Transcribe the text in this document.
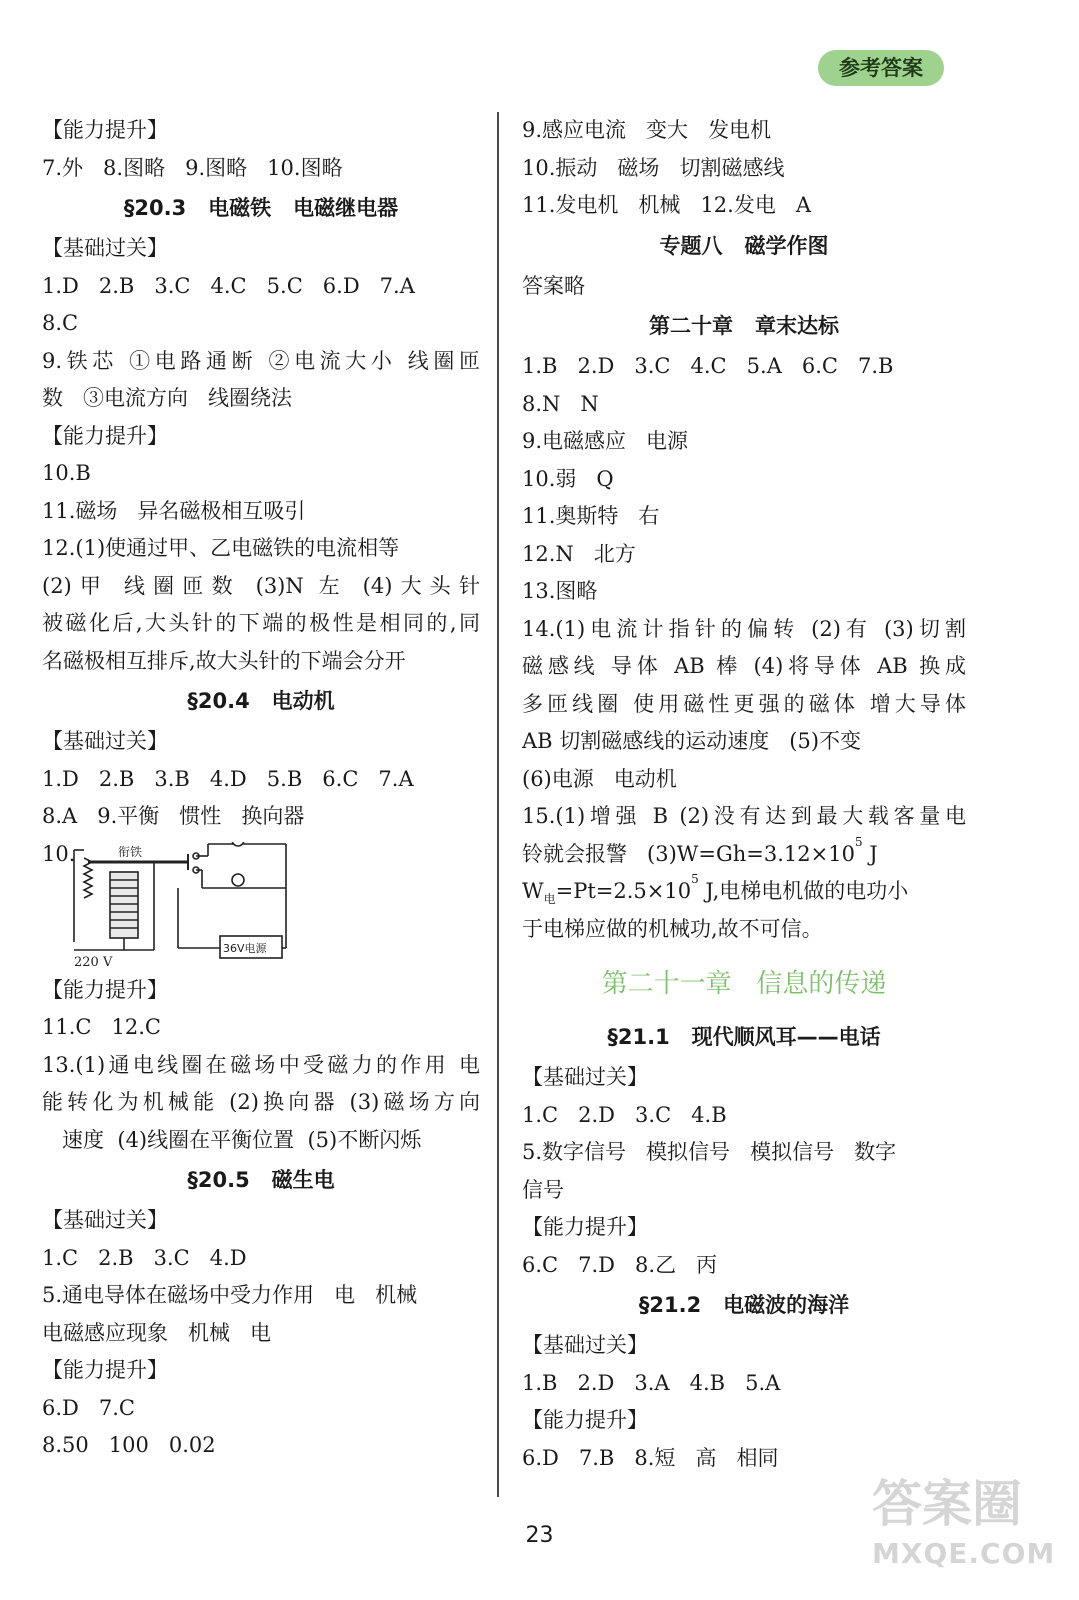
参考答案
【能力提升】
7.外   8.图略   9.图略   10.图略
§20.3   电磁铁   电磁继电器
【基础过关】
1.D   2.B   3.C   4.C   5.C   6.D   7.A
8.C
9.铁芯 ①电路通断 ②电流大小 线圈匝
数   ③电流方向   线圈绕法
【能力提升】
10.B
11.磁场   异名磁极相互吸引
12.(1)使通过甲、乙电磁铁的电流相等
(2)甲 线圈匝数 (3)N 左 (4)大头针
被磁化后,大头针的下端的极性是相同的,同
名磁极相互排斥,故大头针的下端会分开
§20.4   电动机
【基础过关】
1.D   2.B   3.B   4.D   5.B   6.C   7.A
8.A   9.平衡   惯性   换向器
10.	衔铁
220 V
36V电源
【能力提升】
11.C   12.C
13.(1)通电线圈在磁场中受磁力的作用 电
能转化为机械能 (2)换向器 (3)磁场方向
速度  (4)线圈在平衡位置  (5)不断闪烁
§20.5   磁生电
【基础过关】
1.C   2.B   3.C   4.D
5.通电导体在磁场中受力作用   电   机械
电磁感应现象   机械   电
【能力提升】
6.D   7.C
8.50   100   0.02
9.感应电流   变大   发电机
10.振动   磁场   切割磁感线
11.发电机   机械   12.发电   A
专题八   磁学作图
答案略
第二十章   章末达标
1.B   2.D   3.C   4.C   5.A   6.C   7.B
8.N   N
9.电磁感应   电源
10.弱   Q
11.奥斯特   右
12.N   北方
13.图略
14.(1)电流计指针的偏转 (2)有 (3)切割
磁感线 导体 AB 棒 (4)将导体 AB 换成
多匝线圈 使用磁性更强的磁体 增大导体
AB 切割磁感线的运动速度   (5)不变
(6)电源   电动机
15.(1)增强 B (2)没有达到最大载客量电
铃就会报警   $(3)W=Gh=3.12\times 10^5$ J
$W_电=Pt=2.5\times 10^5$ J,电梯电机做的电功小
于电梯应做的机械功,故不可信。
第二十一章   信息的传递
§21.1   现代顺风耳——电话
【基础过关】
1.C   2.D   3.C   4.B
5.数字信号   模拟信号   模拟信号   数字
信号
【能力提升】
6.C   7.D   8.乙   丙
§21.2   电磁波的海洋
【基础过关】
1.B   2.D   3.A   4.B   5.A
【能力提升】
6.D   7.B   8.短   高   相同
23
答案圈
MXQE.COM
